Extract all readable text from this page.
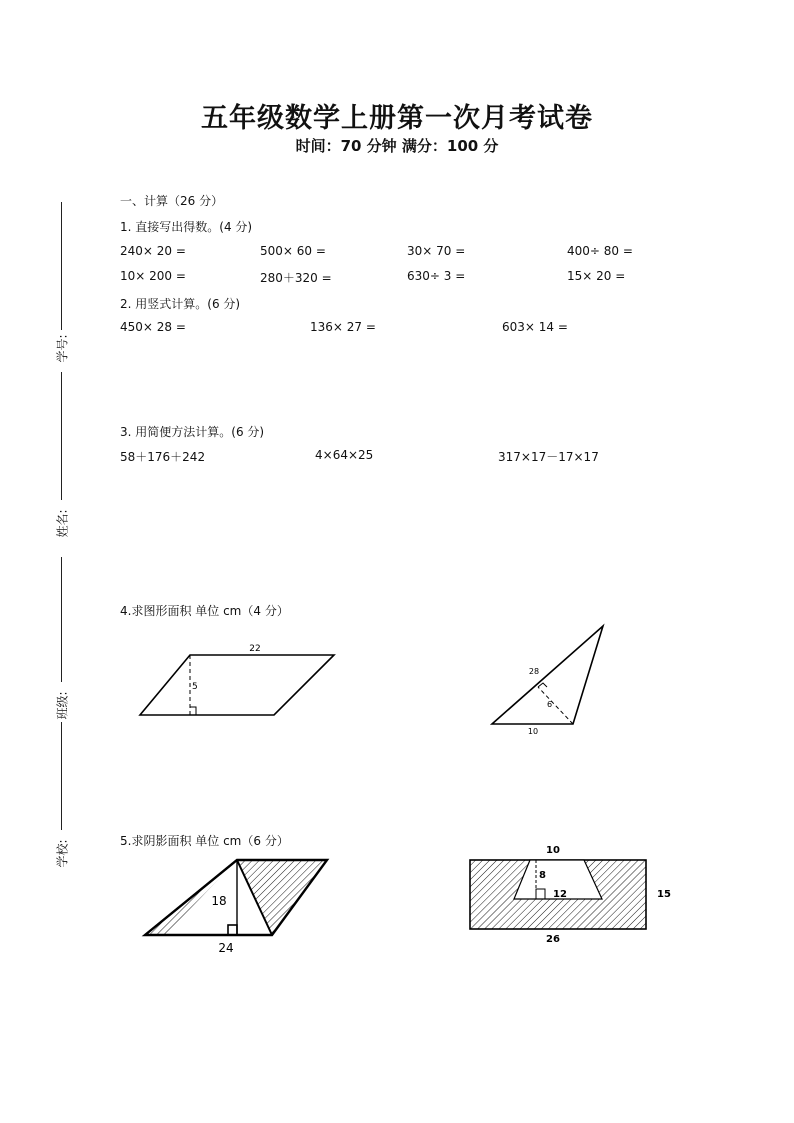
五年级数学上册第一次月考试卷
时间：70 分钟 满分：100 分
学号:
姓名:
班级:
学校:
一、计算（26 分）
1. 直接写出得数。(4 分)
240× 20 =	500× 60 =	30× 70 =	400÷ 80 =
10× 200 =	280＋320 =	630÷ 3 =	15× 20 =
2. 用竖式计算。(6 分)
450× 28 =	136× 27 =	603× 14 =
3. 用简便方法计算。(6 分)
58＋176＋242	4×64×25	317×17－17×17
4.求图形面积 单位 cm（4 分）
22
5
28
6
10
5.求阴影面积 单位 cm（6 分）
18
24
10
8
12	15
26
